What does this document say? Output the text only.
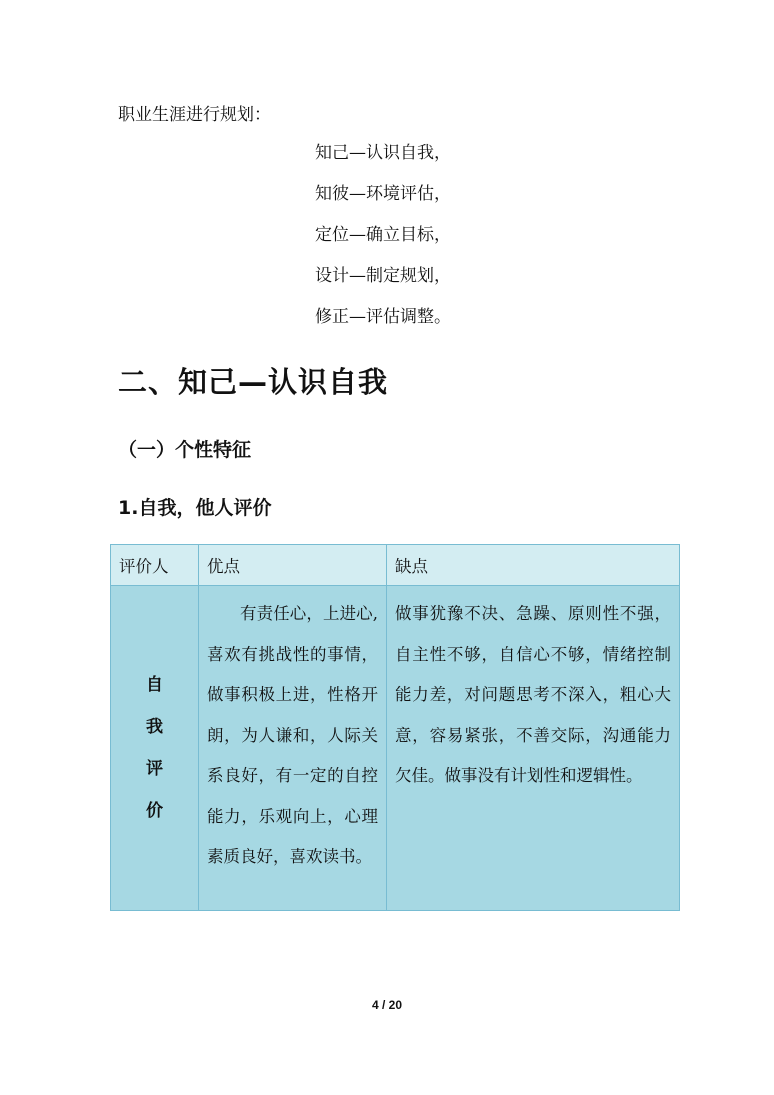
职业生涯进行规划：

知己—认识自我，
知彼—环境评估，
定位—确立目标，
设计—制定规划，
修正—评估调整。
二、知己—认识自我
（一）个性特征
1.自我，他人评价
评价人	优点	缺点

自我评价	有责任心，上进心,喜欢有挑战性的事情，做事积极上进，性格开朗，为人谦和，人际关系良好，有一定的自控能力，乐观向上，心理素质良好，喜欢读书。	做事犹豫不决、急躁、原则性不强，自主性不够，自信心不够，情绪控制能力差，对问题思考不深入，粗心大意，容易紧张，不善交际，沟通能力欠佳。做事没有计划性和逻辑性。
4 / 20
